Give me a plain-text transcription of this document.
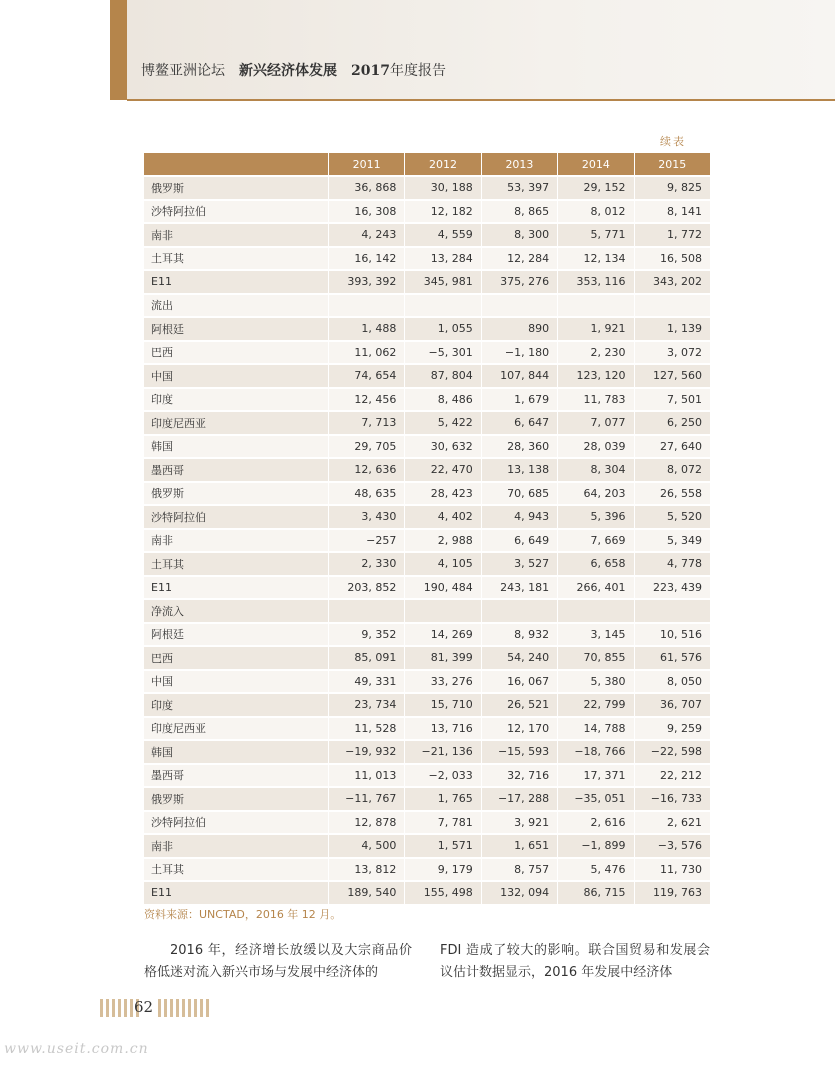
博鳌亚洲论坛 新兴经济体发展 2017年度报告
续表
	2011	2012	2013	2014	2015
俄罗斯	36, 868	30, 188	53, 397	29, 152	9, 825
沙特阿拉伯	16, 308	12, 182	8, 865	8, 012	8, 141
南非	4, 243	4, 559	8, 300	5, 771	1, 772
土耳其	16, 142	13, 284	12, 284	12, 134	16, 508
E11	393, 392	345, 981	375, 276	353, 116	343, 202
流出					
阿根廷	1, 488	1, 055	890	1, 921	1, 139
巴西	11, 062	−5, 301	−1, 180	2, 230	3, 072
中国	74, 654	87, 804	107, 844	123, 120	127, 560
印度	12, 456	8, 486	1, 679	11, 783	7, 501
印度尼西亚	7, 713	5, 422	6, 647	7, 077	6, 250
韩国	29, 705	30, 632	28, 360	28, 039	27, 640
墨西哥	12, 636	22, 470	13, 138	8, 304	8, 072
俄罗斯	48, 635	28, 423	70, 685	64, 203	26, 558
沙特阿拉伯	3, 430	4, 402	4, 943	5, 396	5, 520
南非	−257	2, 988	6, 649	7, 669	5, 349
土耳其	2, 330	4, 105	3, 527	6, 658	4, 778
E11	203, 852	190, 484	243, 181	266, 401	223, 439
净流入					
阿根廷	9, 352	14, 269	8, 932	3, 145	10, 516
巴西	85, 091	81, 399	54, 240	70, 855	61, 576
中国	49, 331	33, 276	16, 067	5, 380	8, 050
印度	23, 734	15, 710	26, 521	22, 799	36, 707
印度尼西亚	11, 528	13, 716	12, 170	14, 788	9, 259
韩国	−19, 932	−21, 136	−15, 593	−18, 766	−22, 598
墨西哥	11, 013	−2, 033	32, 716	17, 371	22, 212
俄罗斯	−11, 767	1, 765	−17, 288	−35, 051	−16, 733
沙特阿拉伯	12, 878	7, 781	3, 921	2, 616	2, 621
南非	4, 500	1, 571	1, 651	−1, 899	−3, 576
土耳其	13, 812	9, 179	8, 757	5, 476	11, 730
E11	189, 540	155, 498	132, 094	86, 715	119, 763
资料来源：UNCTAD，2016 年 12 月。
2016 年，经济增长放缓以及大宗商品价格低迷对流入新兴市场与发展中经济体的
FDI 造成了较大的影响。联合国贸易和发展会议估计数据显示，2016 年发展中经济体
62
www.useit.com.cn
